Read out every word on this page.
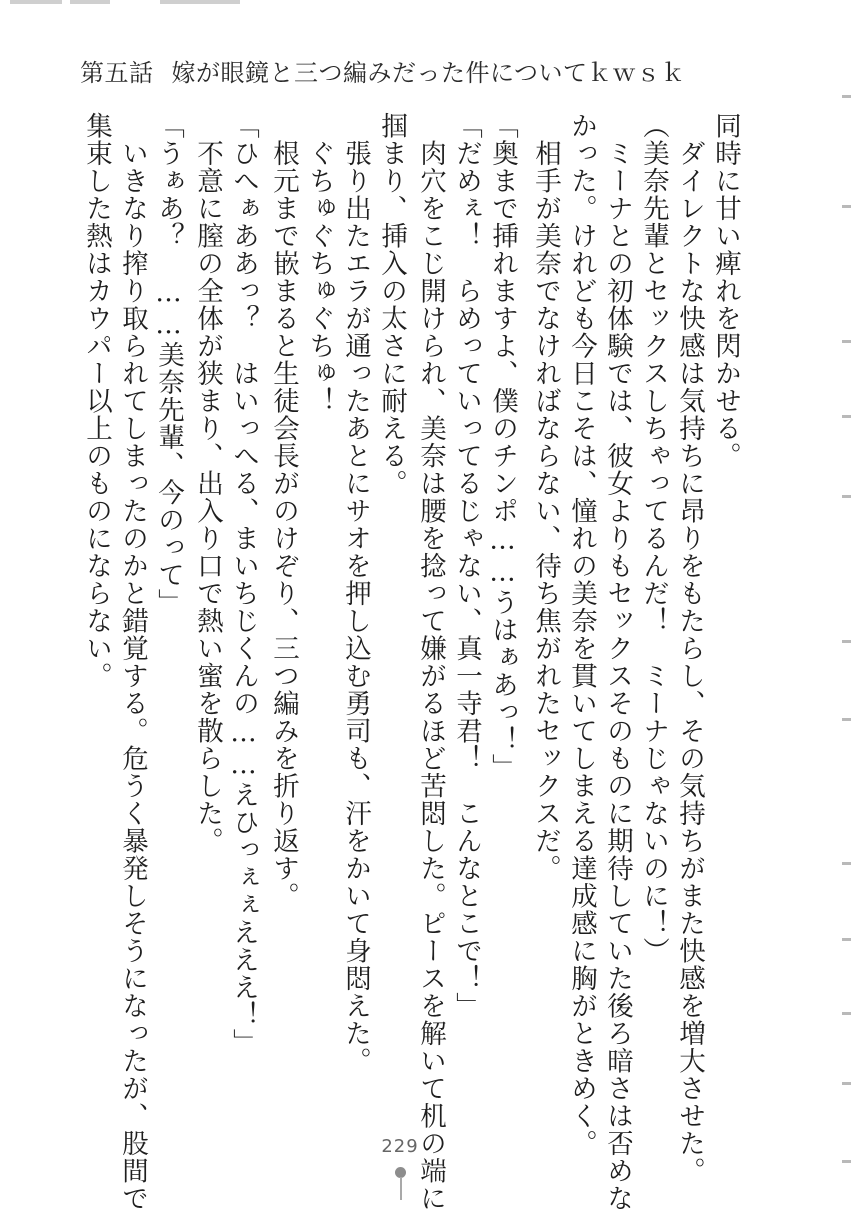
第五話 嫁が眼鏡と三つ編みだった件についてｋｗｓｋ
同時に甘い痺れを閃かせる。
　ダイレクトな快感は気持ちに昂りをもたらし、その気持ちがまた快感を増大させた。
（美奈先輩とセックスしちゃってるんだ！　ミーナじゃないのに！）
　ミーナとの初体験では、彼女よりもセックスそのものに期待していた後ろ暗さは否めな
かった。けれども今日こそは、憧れの美奈を貫いてしまえる達成感に胸がときめく。
　相手が美奈でなければならない、待ち焦がれたセックスだ。
「奥まで挿れますよ、僕のチンポ……うはぁあっ！」
「だめぇ！　らめっていってるじゃない、真一寺君！　こんなとこで！」
　肉穴をこじ開けられ、美奈は腰を捻って嫌がるほど苦悶した。ピースを解いて机の端に
掴まり、挿入の太さに耐える。
　張り出たエラが通ったあとにサオを押し込む勇司も、汗をかいて身悶えた。
　ぐちゅぐちゅぐちゅ！
　根元まで嵌まると生徒会長がのけぞり、三つ編みを折り返す。
「ひへぁああっ？　はいっへる、まいちじくんの……えひっぇぇえええ！」
　不意に膣の全体が狭まり、出入り口で熱い蜜を散らした。
「うぁあ？　……美奈先輩、今のって」
　いきなり搾り取られてしまったのかと錯覚する。危うく暴発しそうになったが、股間で
集束した熱はカウパー以上のものにならない。
229
